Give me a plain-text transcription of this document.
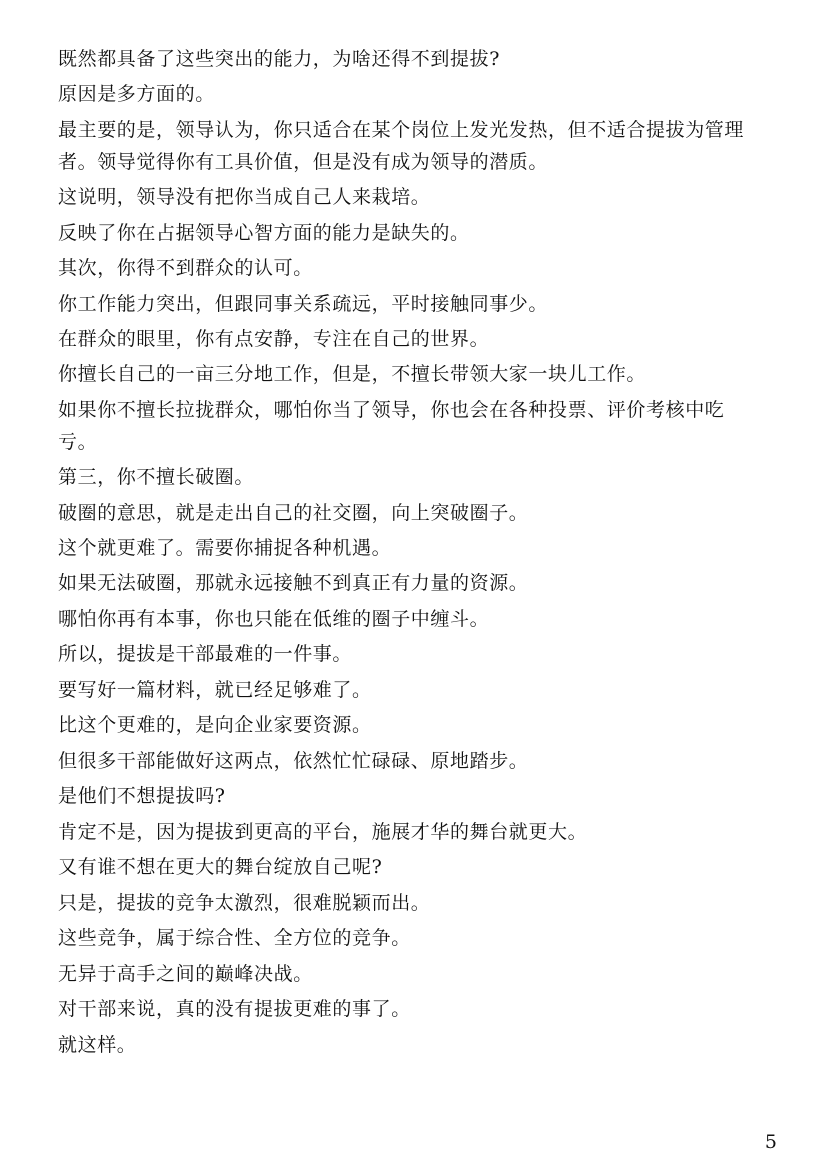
既然都具备了这些突出的能力，为啥还得不到提拔?

原因是多方面的。

最主要的是，领导认为，你只适合在某个岗位上发光发热，但不适合提拔为管理者。领导觉得你有工具价值，但是没有成为领导的潜质。

这说明，领导没有把你当成自己人来栽培。

反映了你在占据领导心智方面的能力是缺失的。

其次，你得不到群众的认可。

你工作能力突出，但跟同事关系疏远，平时接触同事少。

在群众的眼里，你有点安静，专注在自己的世界。

你擅长自己的一亩三分地工作，但是，不擅长带领大家一块儿工作。

如果你不擅长拉拢群众，哪怕你当了领导，你也会在各种投票、评价考核中吃亏。

第三，你不擅长破圈。

破圈的意思，就是走出自己的社交圈，向上突破圈子。

这个就更难了。需要你捕捉各种机遇。

如果无法破圈，那就永远接触不到真正有力量的资源。

哪怕你再有本事，你也只能在低维的圈子中缠斗。

所以，提拔是干部最难的一件事。

要写好一篇材料，就已经足够难了。

比这个更难的，是向企业家要资源。

但很多干部能做好这两点，依然忙忙碌碌、原地踏步。

是他们不想提拔吗?

肯定不是，因为提拔到更高的平台，施展才华的舞台就更大。

又有谁不想在更大的舞台绽放自己呢?

只是，提拔的竞争太激烈，很难脱颖而出。

这些竞争，属于综合性、全方位的竞争。

无异于高手之间的巅峰决战。

对干部来说，真的没有提拔更难的事了。

就这样。

5
